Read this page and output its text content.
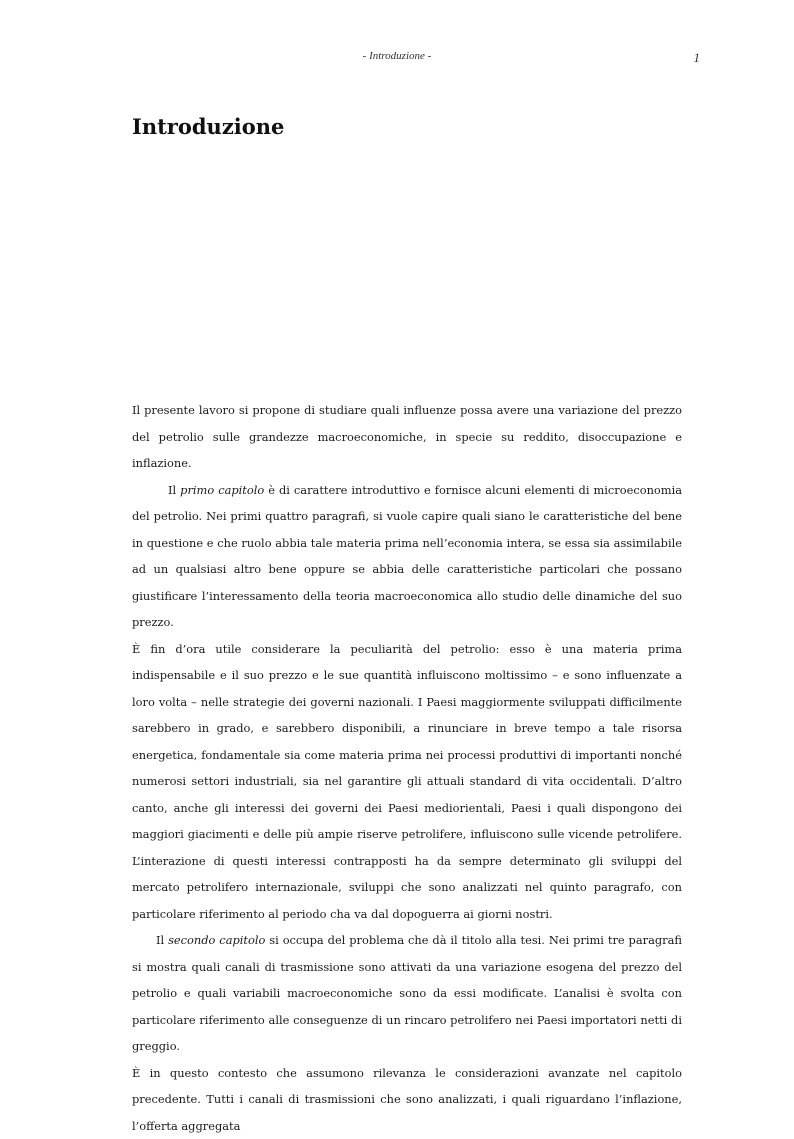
- Introduzione -	1
Introduzione

Il presente lavoro si propone di studiare quali influenze possa avere una variazione del prezzo del petrolio sulle grandezze macroeconomiche, in specie su reddito, disoccupazione e inflazione.

Il primo capitolo è di carattere introduttivo e fornisce alcuni elementi di microeconomia del petrolio. Nei primi quattro paragrafi, si vuole capire quali siano le caratteristiche del bene in questione e che ruolo abbia tale materia prima nell’economia intera, se essa sia assimilabile ad un qualsiasi altro bene oppure se abbia delle caratteristiche particolari che possano giustificare l’interessamento della teoria macroeconomica allo studio delle dinamiche del suo prezzo.

È fin d’ora utile considerare la peculiarità del petrolio: esso è una materia prima indispensabile e il suo prezzo e le sue quantità influiscono moltissimo – e sono influenzate a loro volta – nelle strategie dei governi nazionali. I Paesi maggiormente sviluppati difficilmente sarebbero in grado, e sarebbero disponibili, a rinunciare in breve tempo a tale risorsa energetica, fondamentale sia come materia prima nei processi produttivi di importanti nonché numerosi settori industriali, sia nel garantire gli attuali standard di vita occidentali. D’altro canto, anche gli interessi dei governi dei Paesi mediorientali, Paesi i quali dispongono dei maggiori giacimenti e delle più ampie riserve petrolifere, influiscono sulle vicende petrolifere. L’interazione di questi interessi contrapposti ha da sempre determinato gli sviluppi del mercato petrolifero internazionale, sviluppi che sono analizzati nel quinto paragrafo, con particolare riferimento al periodo cha va dal dopoguerra ai giorni nostri.

Il secondo capitolo si occupa del problema che dà il titolo alla tesi. Nei primi tre paragrafi si mostra quali canali di trasmissione sono attivati da una variazione esogena del prezzo del petrolio e quali variabili macroeconomiche sono da essi modificate. L’analisi è svolta con particolare riferimento alle conseguenze di un rincaro petrolifero nei Paesi importatori netti di greggio.

È in questo contesto che assumono rilevanza le considerazioni avanzate nel capitolo precedente. Tutti i canali di trasmissioni che sono analizzati, i quali riguardano l’inflazione, l’offerta aggregata
